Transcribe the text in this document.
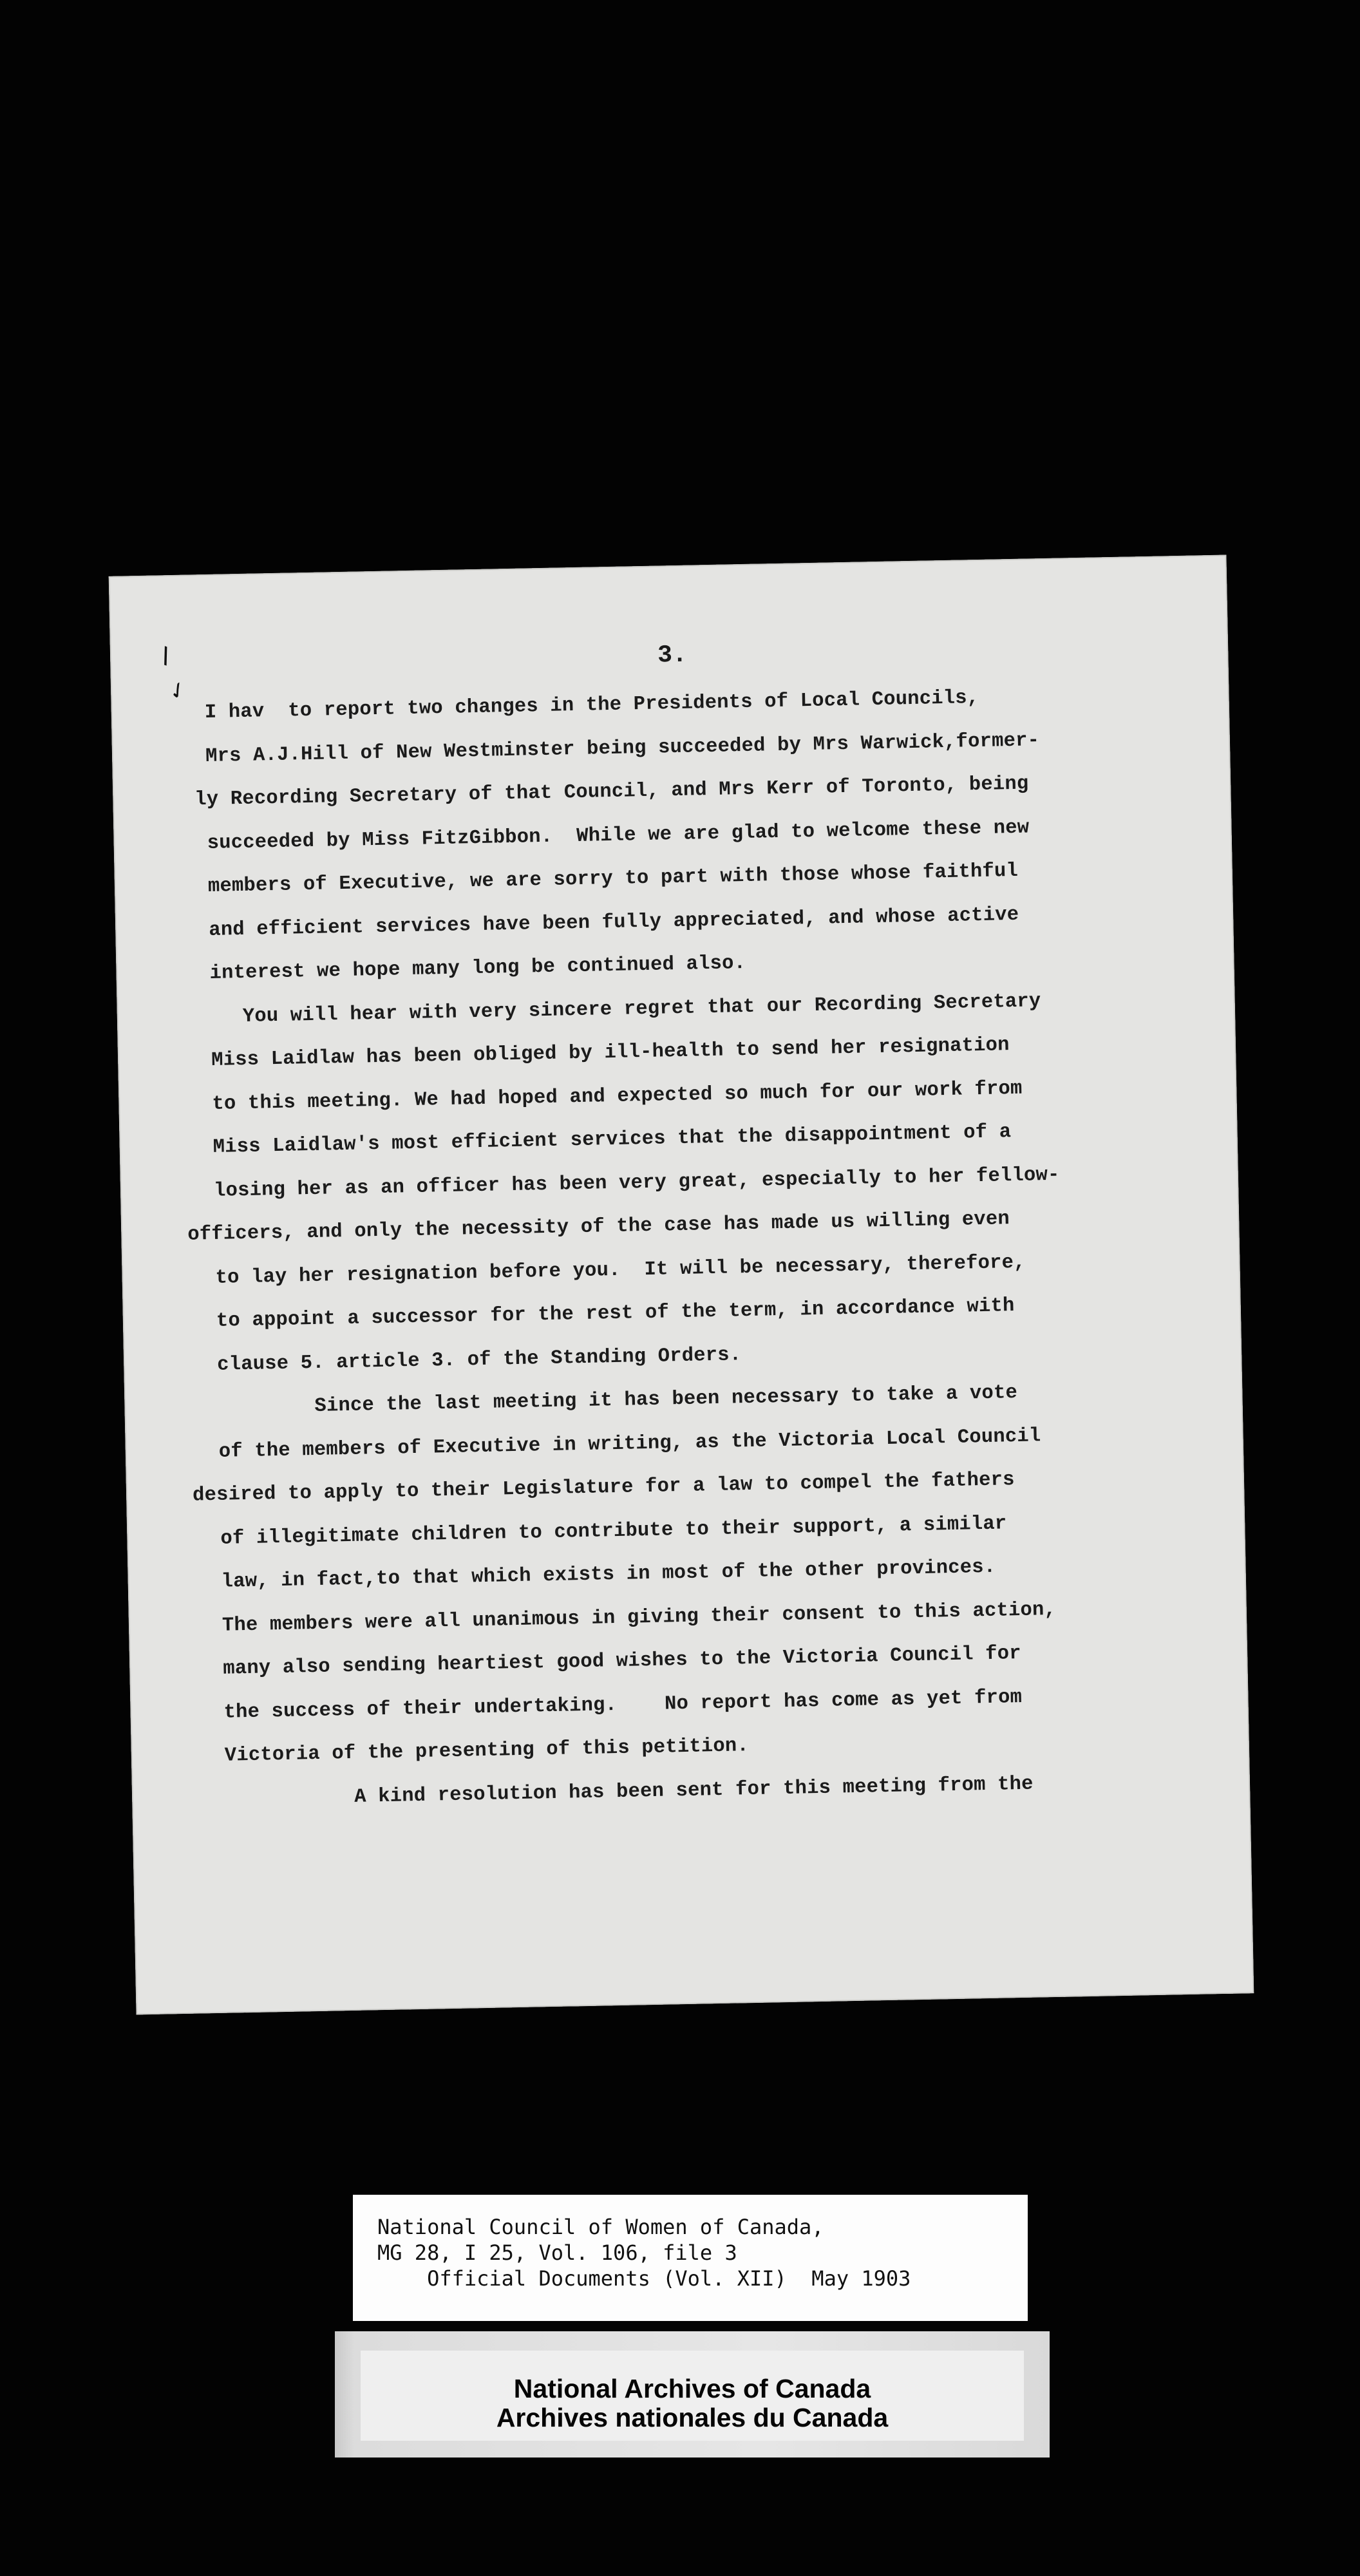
\
✓
3.
I hav  to report two changes in the Presidents of Local Councils,
Mrs A.J.Hill of New Westminster being succeeded by Mrs Warwick,former-
ly Recording Secretary of that Council, and Mrs Kerr of Toronto, being
succeeded by Miss FitzGibbon.  While we are glad to welcome these new
members of Executive, we are sorry to part with those whose faithful
and efficient services have been fully appreciated, and whose active
interest we hope many long be continued also.
You will hear with very sincere regret that our Recording Secretary
Miss Laidlaw has been obliged by ill-health to send her resignation
to this meeting. We had hoped and expected so much for our work from
Miss Laidlaw's most efficient services that the disappointment of a
losing her as an officer has been very great, especially to her fellow-
officers, and only the necessity of the case has made us willing even
to lay her resignation before you.  It will be necessary, therefore,
to appoint a successor for the rest of the term, in accordance with
clause 5. article 3. of the Standing Orders.
Since the last meeting it has been necessary to take a vote
of the members of Executive in writing, as the Victoria Local Council
desired to apply to their Legislature for a law to compel the fathers
of illegitimate children to contribute to their support, a similar
law, in fact,to that which exists in most of the other provinces.
The members were all unanimous in giving their consent to this action,
many also sending heartiest good wishes to the Victoria Council for
the success of their undertaking.    No report has come as yet from
Victoria of the presenting of this petition.
A kind resolution has been sent for this meeting from the
National Council of Women of Canada,
MG 28, I 25, Vol. 106, file 3
Official Documents (Vol. XII)  May 1903
National Archives of Canada
Archives nationales du Canada
